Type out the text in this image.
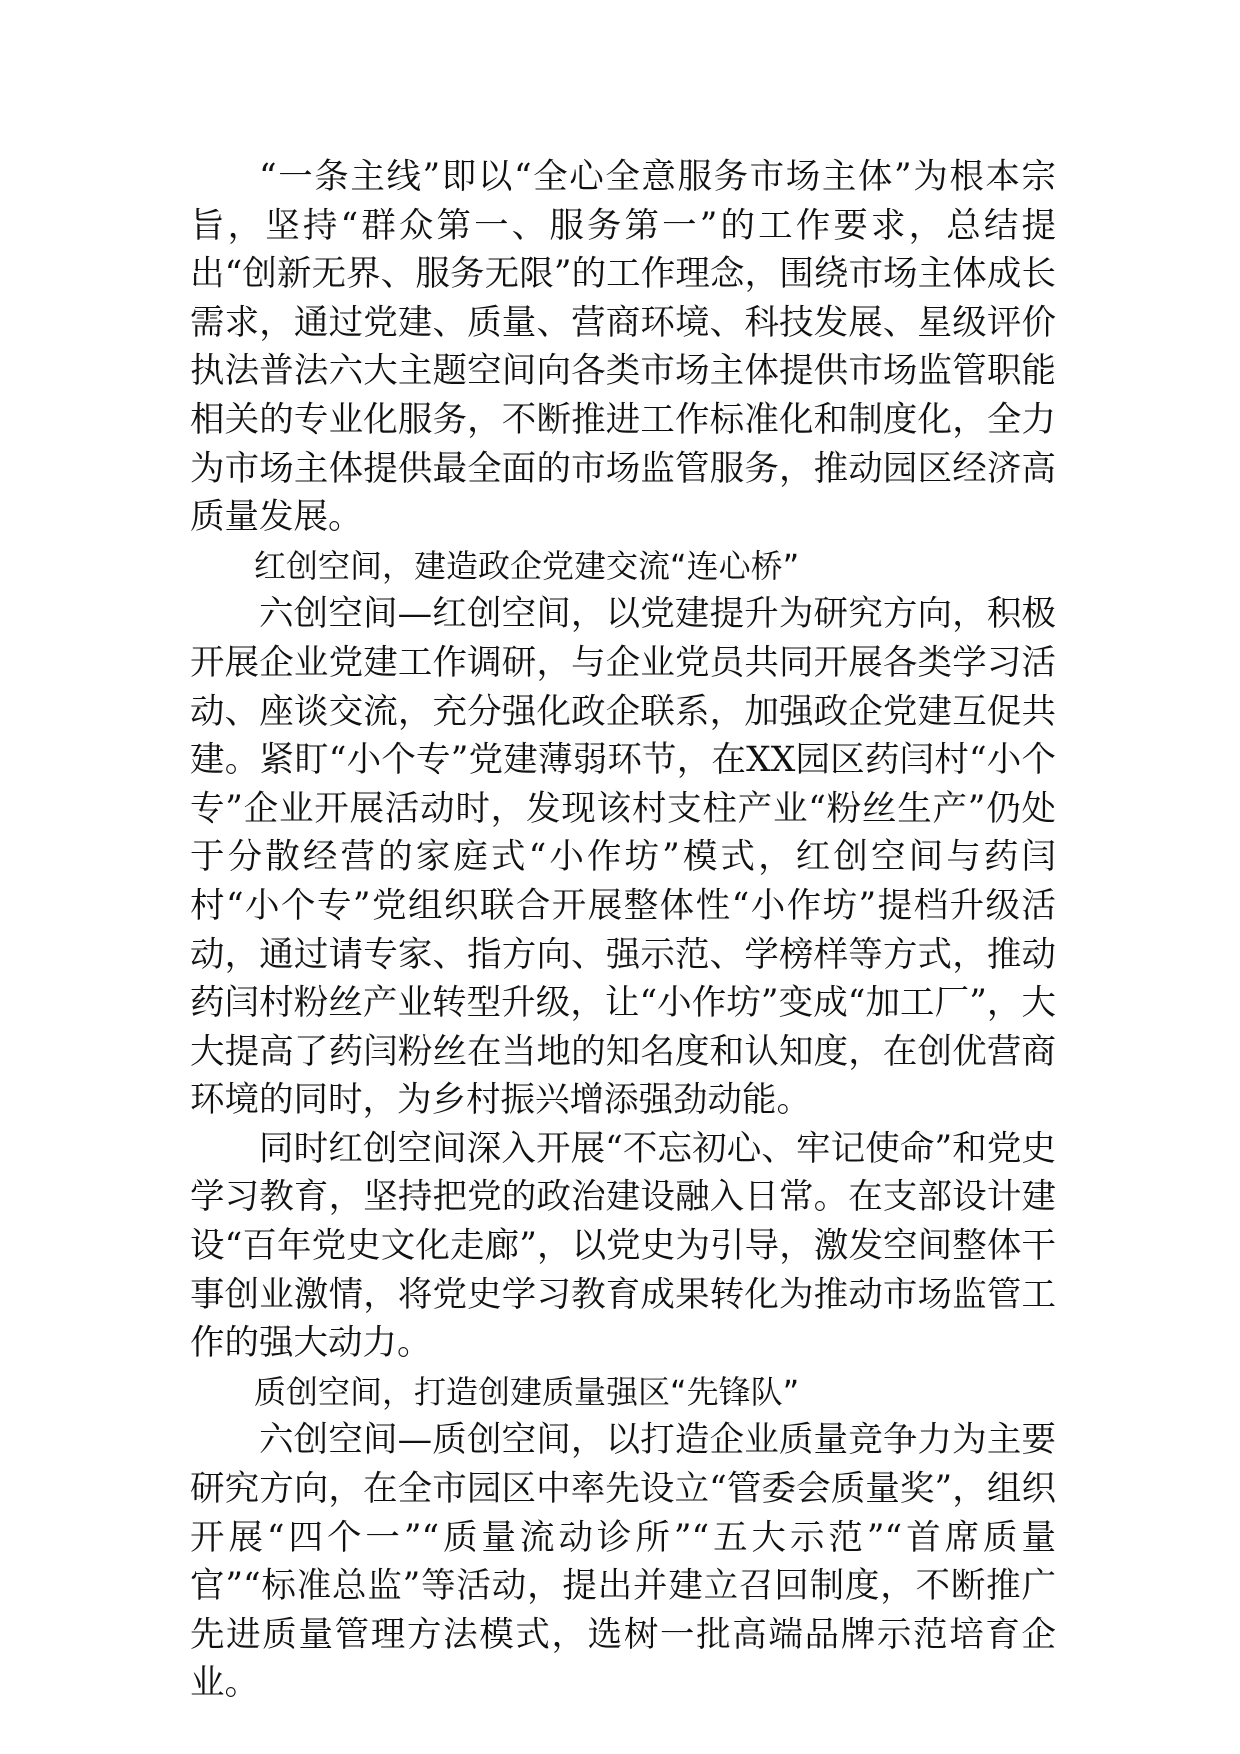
“一条主线”即以“全心全意服务市场主体”为根本宗旨，坚持“群众第一、服务第一”的工作要求，总结提出“创新无界、服务无限”的工作理念，围绕市场主体成长需求，通过党建、质量、营商环境、科技发展、星级评价执法普法六大主题空间向各类市场主体提供市场监管职能相关的专业化服务，不断推进工作标准化和制度化，全力为市场主体提供最全面的市场监管服务，推动园区经济高质量发展。

红创空间，建造政企党建交流“连心桥”

六创空间—红创空间，以党建提升为研究方向，积极开展企业党建工作调研，与企业党员共同开展各类学习活动、座谈交流，充分强化政企联系，加强政企党建互促共建。紧盯“小个专”党建薄弱环节，在XX园区药闫村“小个专”企业开展活动时，发现该村支柱产业“粉丝生产”仍处于分散经营的家庭式“小作坊”模式，红创空间与药闫村“小个专”党组织联合开展整体性“小作坊”提档升级活动，通过请专家、指方向、强示范、学榜样等方式，推动药闫村粉丝产业转型升级，让“小作坊”变成“加工厂”，大大提高了药闫粉丝在当地的知名度和认知度，在创优营商环境的同时，为乡村振兴增添强劲动能。

同时红创空间深入开展“不忘初心、牢记使命”和党史学习教育，坚持把党的政治建设融入日常。在支部设计建设“百年党史文化走廊”，以党史为引导，激发空间整体干事创业激情，将党史学习教育成果转化为推动市场监管工作的强大动力。

质创空间，打造创建质量强区“先锋队”

六创空间—质创空间，以打造企业质量竞争力为主要研究方向，在全市园区中率先设立“管委会质量奖”，组织开展“四个一”“质量流动诊所”“五大示范”“首席质量官”“标准总监”等活动，提出并建立召回制度，不断推广先进质量管理方法模式，选树一批高端品牌示范培育企业。
